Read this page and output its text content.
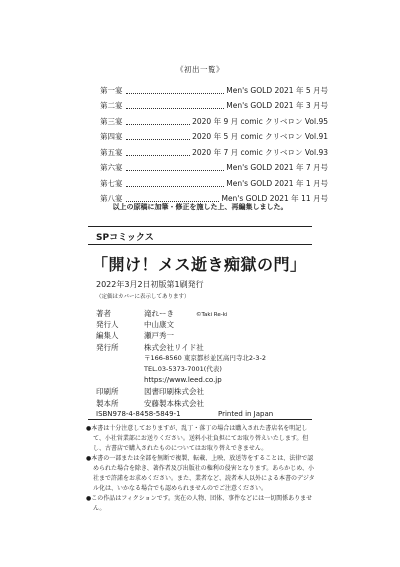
《初出一覧》
第一宴	Men's GOLD 2021 年 5 月号
第二宴	Men's GOLD 2021 年 3 月号
第三宴	2020 年 9 月 comic クリベロン Vol.95
第四宴	2020 年 5 月 comic クリベロン Vol.91
第五宴	2020 年 7 月 comic クリベロン Vol.93
第六宴	Men's GOLD 2021 年 7 月号
第七宴	Men's GOLD 2021 年 1 月号
第八宴	Men's GOLD 2021 年 11 月号
以上の原稿に加筆・修正を施した上、再編集しました。
SPコミックス
「開け！メス逝き痴獄の門」
2022年3月2日初版第1刷発行
（定価はカバーに表示してあります）
著者	滝れーき	©Taki Re-ki
発行人	中山康文
編集人	瀬戸秀一
発行所	株式会社リイド社
〒166-8560 東京都杉並区高円寺北2-3-2
TEL.03-5373-7001(代表)
https://www.leed.co.jp
印刷所	図書印刷株式会社
製本所	安藤製本株式会社
ISBN978-4-8458-5849-1	Printed in Japan

●本書は十分注意しておりますが、乱丁・落丁の場合は購入された書店名を明記して、小社営業部にお送りください。送料小社負担にてお取り替えいたします。但し、古書店で購入されたものについてはお取り替えできません。

●本書の一部または全部を無断で複製、転載、上映、放送等をすることは、法律で認められた場合を除き、著作者及び出版社の権利の侵害となります。あらかじめ、小社まで許諾をお求めください。また、業者など、読者本人以外による本書のデジタル化は、いかなる場合でも認められませんのでご注意ください。

●この作品はフィクションです。実在の人物、団体、事件などには一切関係ありません。
